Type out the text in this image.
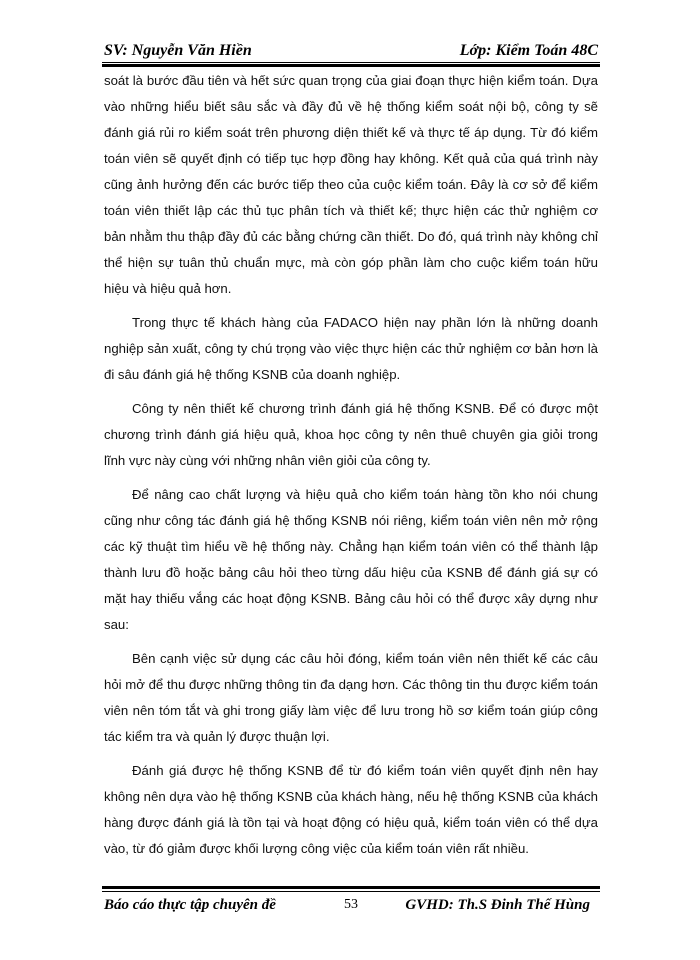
SV: Nguyễn Văn Hiền	Lớp: Kiểm Toán 48C

soát là bước đầu tiên và hết sức quan trọng của giai đoạn thực hiện kiểm toán. Dựa vào những hiểu biết sâu sắc và đầy đủ về hệ thống kiểm soát nội bộ, công ty sẽ đánh giá rủi ro kiểm soát trên phương diện thiết kế và thực tế áp dụng. Từ đó kiểm toán viên sẽ quyết định có tiếp tục hợp đồng hay không. Kết quả của quá trình này cũng ảnh hưởng đến các bước tiếp theo của cuộc kiểm toán. Đây là cơ sở để kiểm toán viên thiết lập các thủ tục phân tích và thiết kế; thực hiện các thử nghiệm cơ bản nhằm thu thập đầy đủ các bằng chứng cần thiết. Do đó, quá trình này không chỉ thể hiện sự tuân thủ chuẩn mực, mà còn góp phần làm cho cuộc kiểm toán hữu hiệu và hiệu quả hơn.

Trong thực tế khách hàng của FADACO hiện nay phần lớn là những doanh nghiệp sản xuất, công ty chú trọng vào việc thực hiện các thử nghiệm cơ bản hơn là đi sâu đánh giá hệ thống KSNB của doanh nghiệp.

Công ty nên thiết kế chương trình đánh giá hệ thống KSNB. Để có được một chương trình đánh giá hiệu quả, khoa học công ty nên thuê chuyên gia giỏi trong lĩnh vực này cùng với những nhân viên giỏi của công ty.

Để nâng cao chất lượng và hiệu quả cho kiểm toán hàng tồn kho nói chung cũng như công tác đánh giá hệ thống KSNB nói riêng, kiểm toán viên nên mở rộng các kỹ thuật tìm hiểu về hệ thống này. Chẳng hạn kiểm toán viên có thể thành lập thành lưu đồ hoặc bảng câu hỏi theo từng dấu hiệu của KSNB để đánh giá sự có mặt hay thiếu vắng các hoạt động KSNB. Bảng câu hỏi có thể được xây dựng như sau:

Bên cạnh việc sử dụng các câu hỏi đóng, kiểm toán viên nên thiết kế các câu hỏi mở để thu được những thông tin đa dạng hơn. Các thông tin thu được kiểm toán viên nên tóm tắt và ghi trong giấy làm việc để lưu trong hồ sơ kiểm toán giúp công tác kiểm tra và quản lý được thuận lợi.

Đánh giá được hệ thống KSNB để từ đó kiểm toán viên quyết định nên hay không nên dựa vào hệ thống KSNB của khách hàng, nếu hệ thống KSNB của khách hàng được đánh giá là tồn tại và hoạt động có hiệu quả, kiểm toán viên có thể dựa vào, từ đó giảm được khối lượng công việc của kiểm toán viên rất nhiều.

Báo cáo thực tập chuyên đề	53	GVHD: Th.S Đinh Thế Hùng
